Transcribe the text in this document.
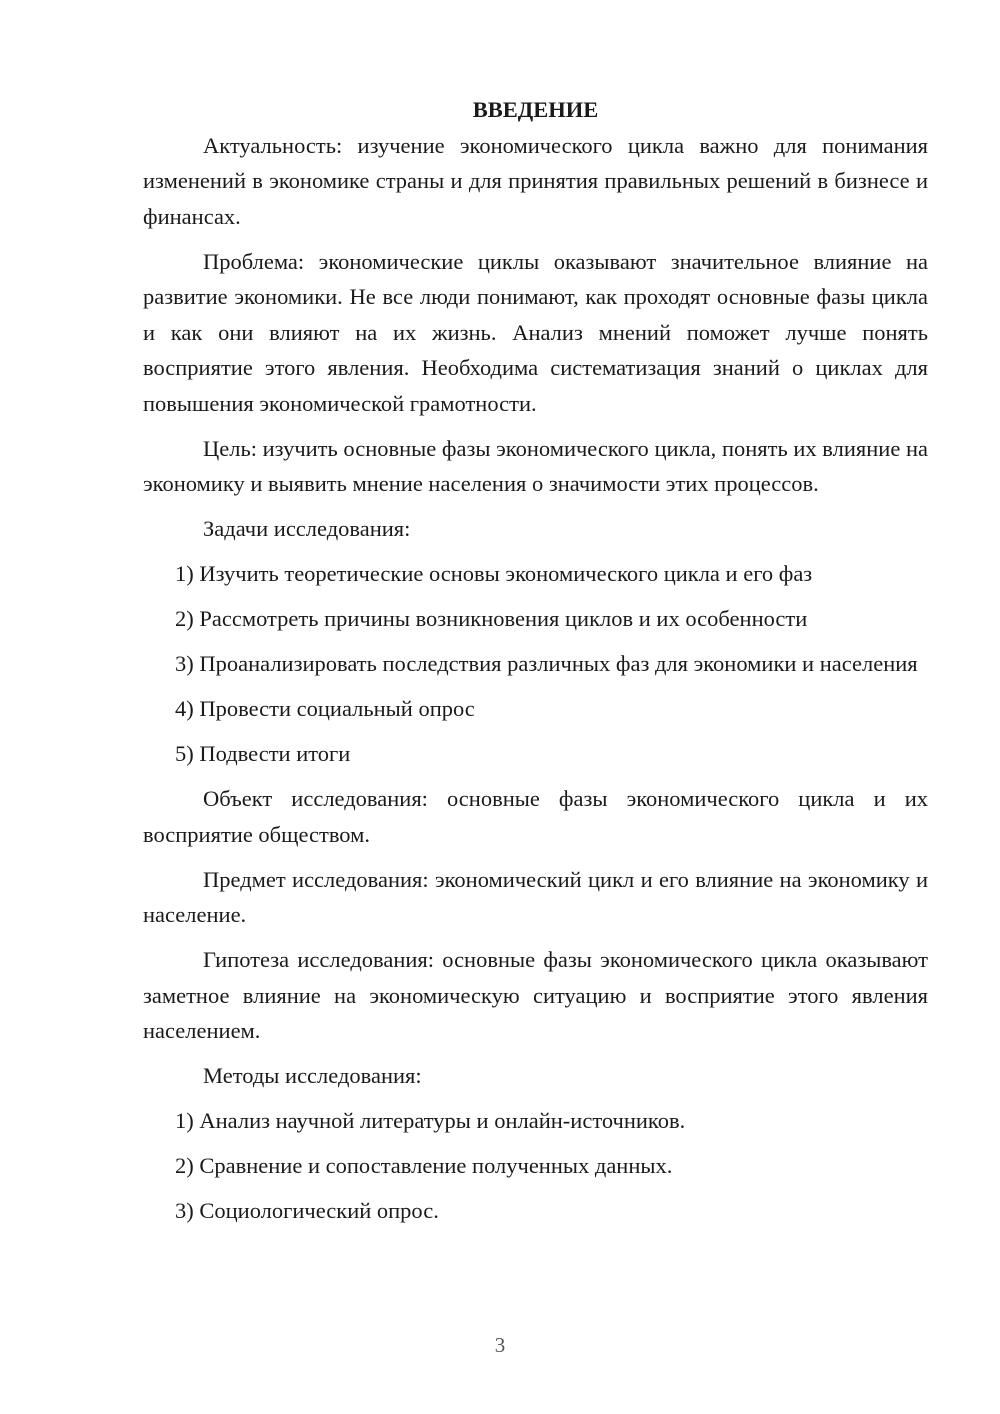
ВВЕДЕНИЕ

Актуальность: изучение экономического цикла важно для понимания изменений в экономике страны и для принятия правильных решений в бизнесе и финансах.

Проблема: экономические циклы оказывают значительное влияние на развитие экономики. Не все люди понимают, как проходят основные фазы цикла и как они влияют на их жизнь. Анализ мнений поможет лучше понять восприятие этого явления. Необходима систематизация знаний о циклах для повышения экономической грамотности.

Цель: изучить основные фазы экономического цикла, понять их влияние на экономику и выявить мнение населения о значимости этих процессов.

Задачи исследования:

1) Изучить теоретические основы экономического цикла и его фаз

2) Рассмотреть причины возникновения циклов и их особенности

3) Проанализировать последствия различных фаз для экономики и населения

4) Провести социальный опрос

5) Подвести итоги

Объект исследования: основные фазы экономического цикла и их восприятие обществом.

Предмет исследования: экономический цикл и его влияние на экономику и население.

Гипотеза исследования: основные фазы экономического цикла оказывают заметное влияние на экономическую ситуацию и восприятие этого явления населением.

Методы исследования:

1) Анализ научной литературы и онлайн-источников.

2) Сравнение и сопоставление полученных данных.

3) Социологический опрос.

3
